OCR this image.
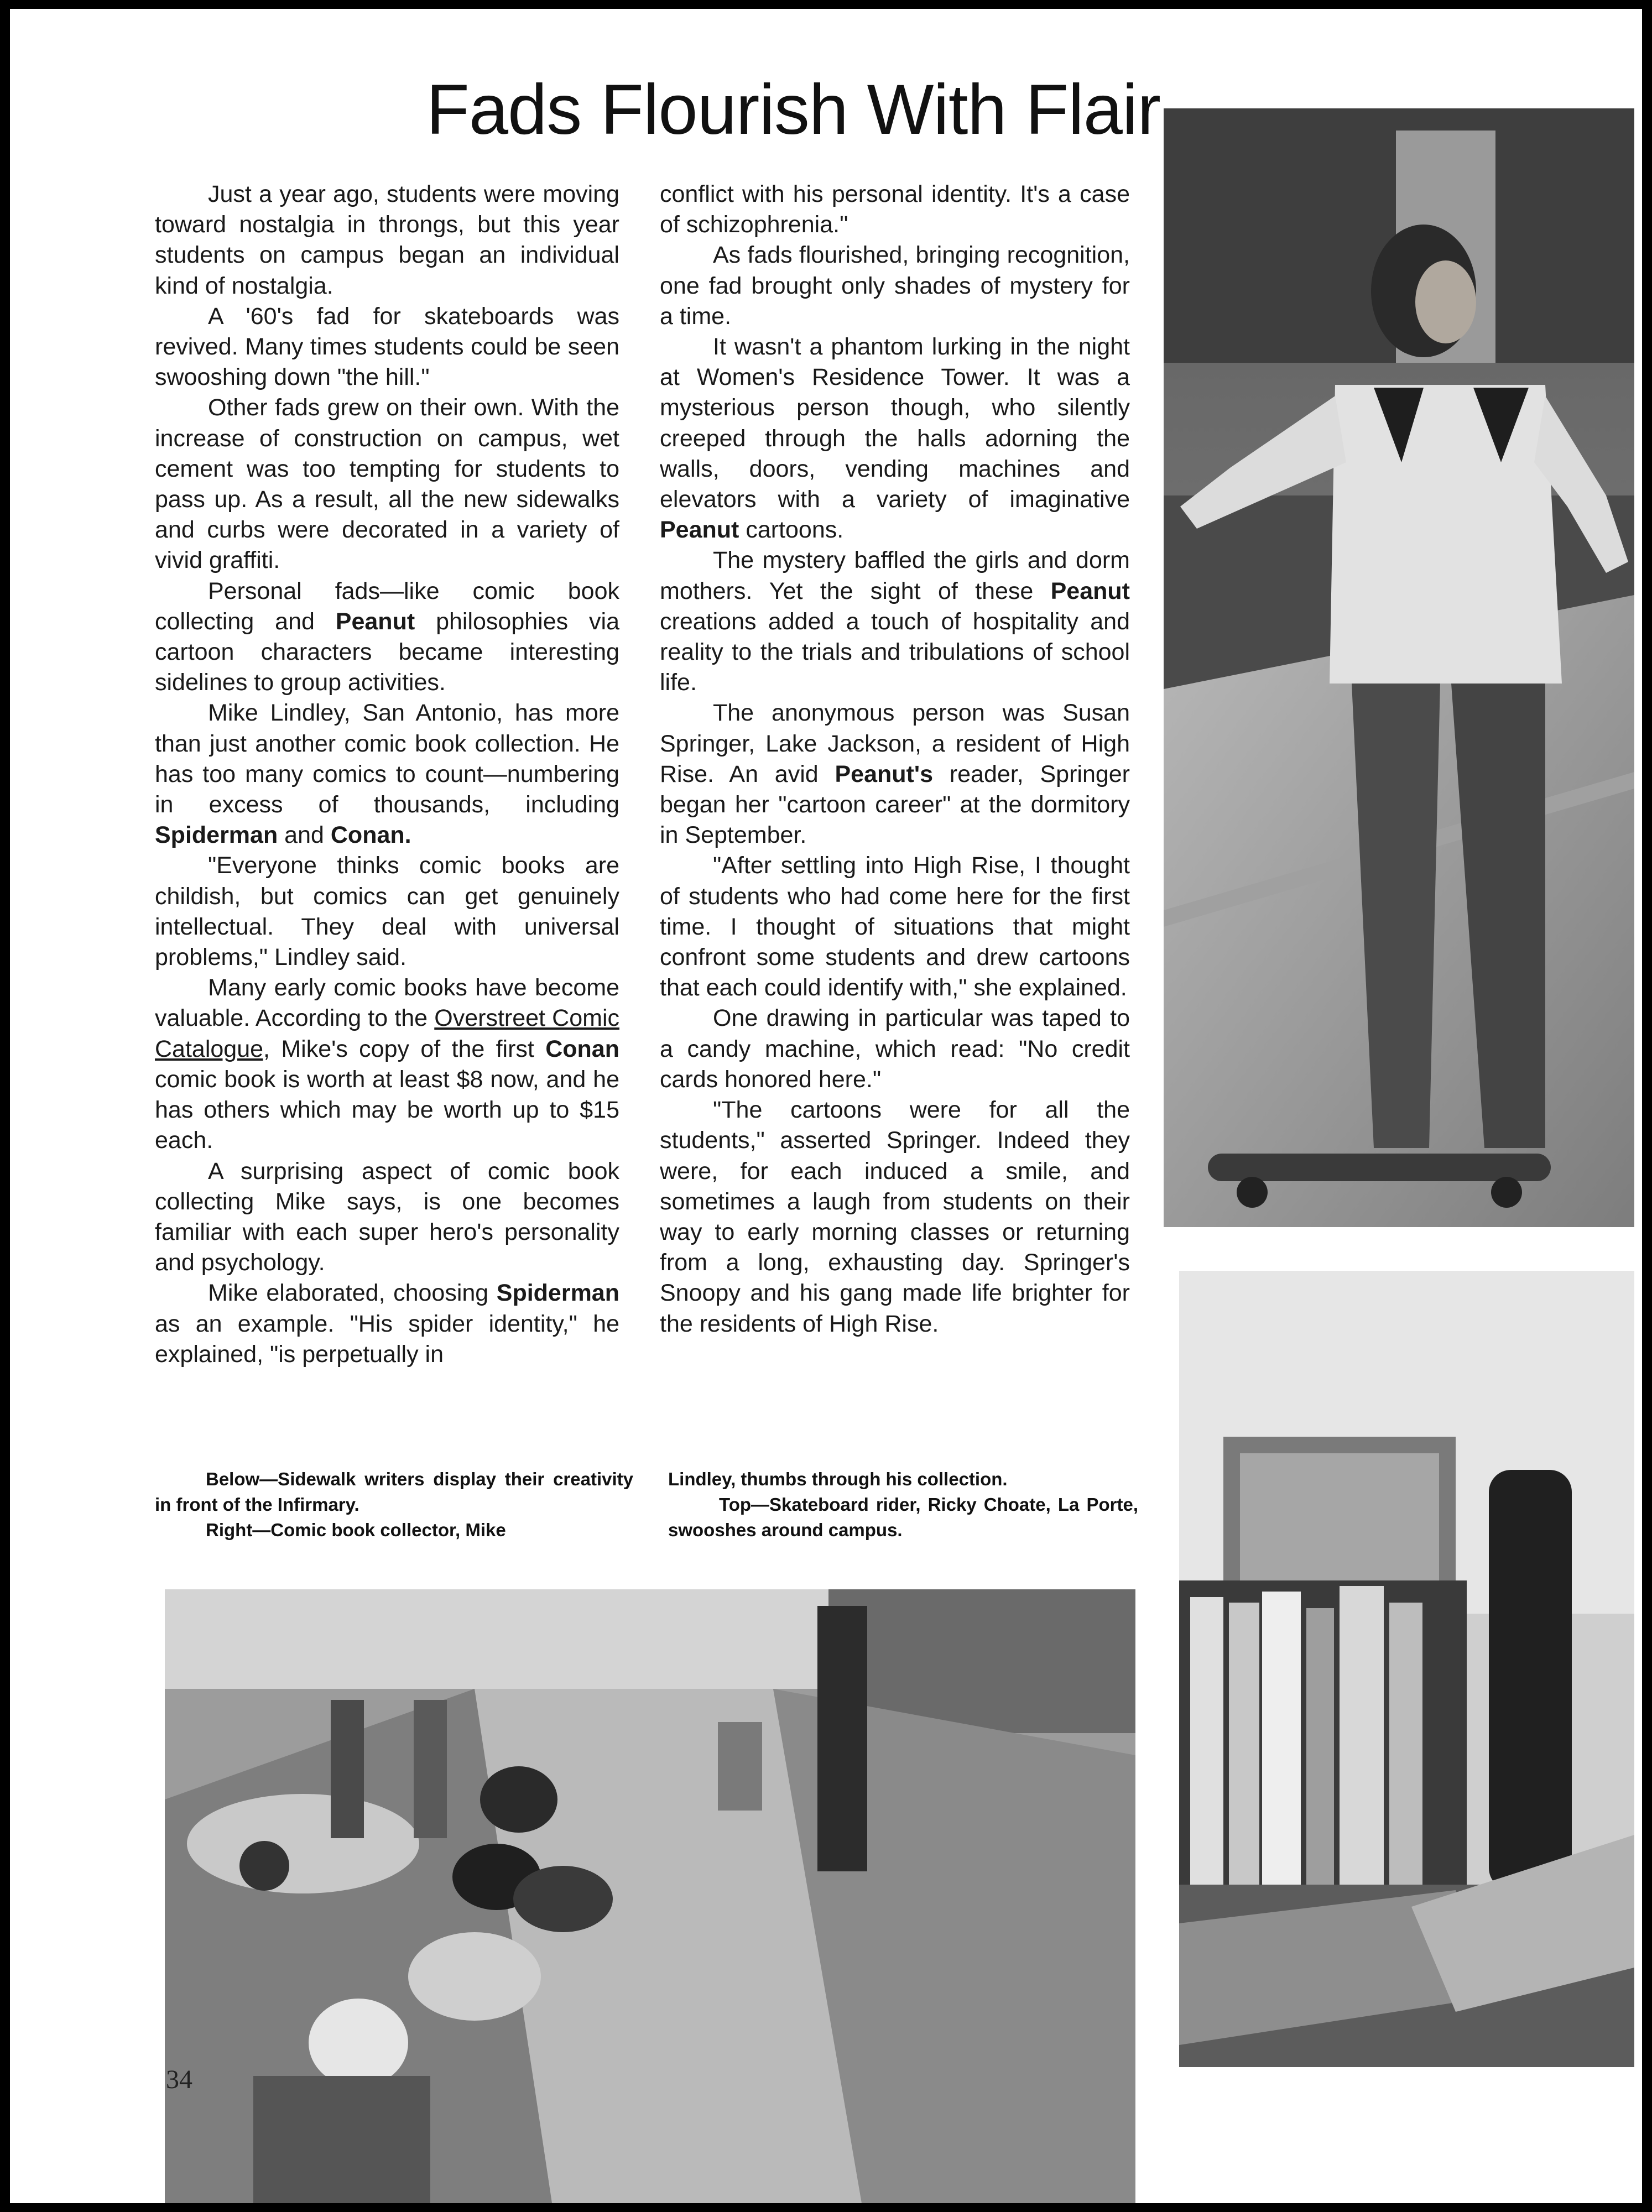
Fads Flourish With Flair

Just a year ago, students were moving toward nostalgia in throngs, but this year students on campus began an individual kind of nostalgia.

A '60's fad for skateboards was revived. Many times students could be seen swooshing down "the hill."

Other fads grew on their own. With the increase of construction on campus, wet cement was too tempting for students to pass up. As a result, all the new sidewalks and curbs were decorated in a variety of vivid graffiti.

Personal fads—like comic book collecting and Peanut philosophies via cartoon characters became interesting sidelines to group activities.

Mike Lindley, San Antonio, has more than just another comic book collection. He has too many comics to count—numbering in excess of thousands, including Spiderman and Conan.

"Everyone thinks comic books are childish, but comics can get genuinely intellectual. They deal with universal problems," Lindley said.

Many early comic books have become valuable. According to the Overstreet Comic Catalogue, Mike's copy of the first Conan comic book is worth at least $8 now, and he has others which may be worth up to $15 each.

A surprising aspect of comic book collecting Mike says, is one becomes familiar with each super hero's personality and psychology.

Mike elaborated, choosing Spiderman as an example. "His spider identity," he explained, "is perpetually in

conflict with his personal identity. It's a case of schizophrenia."

As fads flourished, bringing recognition, one fad brought only shades of mystery for a time.

It wasn't a phantom lurking in the night at Women's Residence Tower. It was a mysterious person though, who silently creeped through the halls adorning the walls, doors, vending machines and elevators with a variety of imaginative Peanut cartoons.

The mystery baffled the girls and dorm mothers. Yet the sight of these Peanut creations added a touch of hospitality and reality to the trials and tribulations of school life.

The anonymous person was Susan Springer, Lake Jackson, a resident of High Rise. An avid Peanut's reader, Springer began her "cartoon career" at the dormitory in September.

"After settling into High Rise, I thought of students who had come here for the first time. I thought of situations that might confront some students and drew cartoons that each could identify with," she explained.

One drawing in particular was taped to a candy machine, which read: "No credit cards honored here."

"The cartoons were for all the students," asserted Springer. Indeed they were, for each induced a smile, and sometimes a laugh from students on their way to early morning classes or returning from a long, exhausting day. Springer's Snoopy and his gang made life brighter for the residents of High Rise.

Below—Sidewalk writers display their creativity in front of the Infirmary.

Right—Comic book collector, Mike

Lindley, thumbs through his collection.

Top—Skateboard rider, Ricky Choate, La Porte, swooshes around campus.

34
